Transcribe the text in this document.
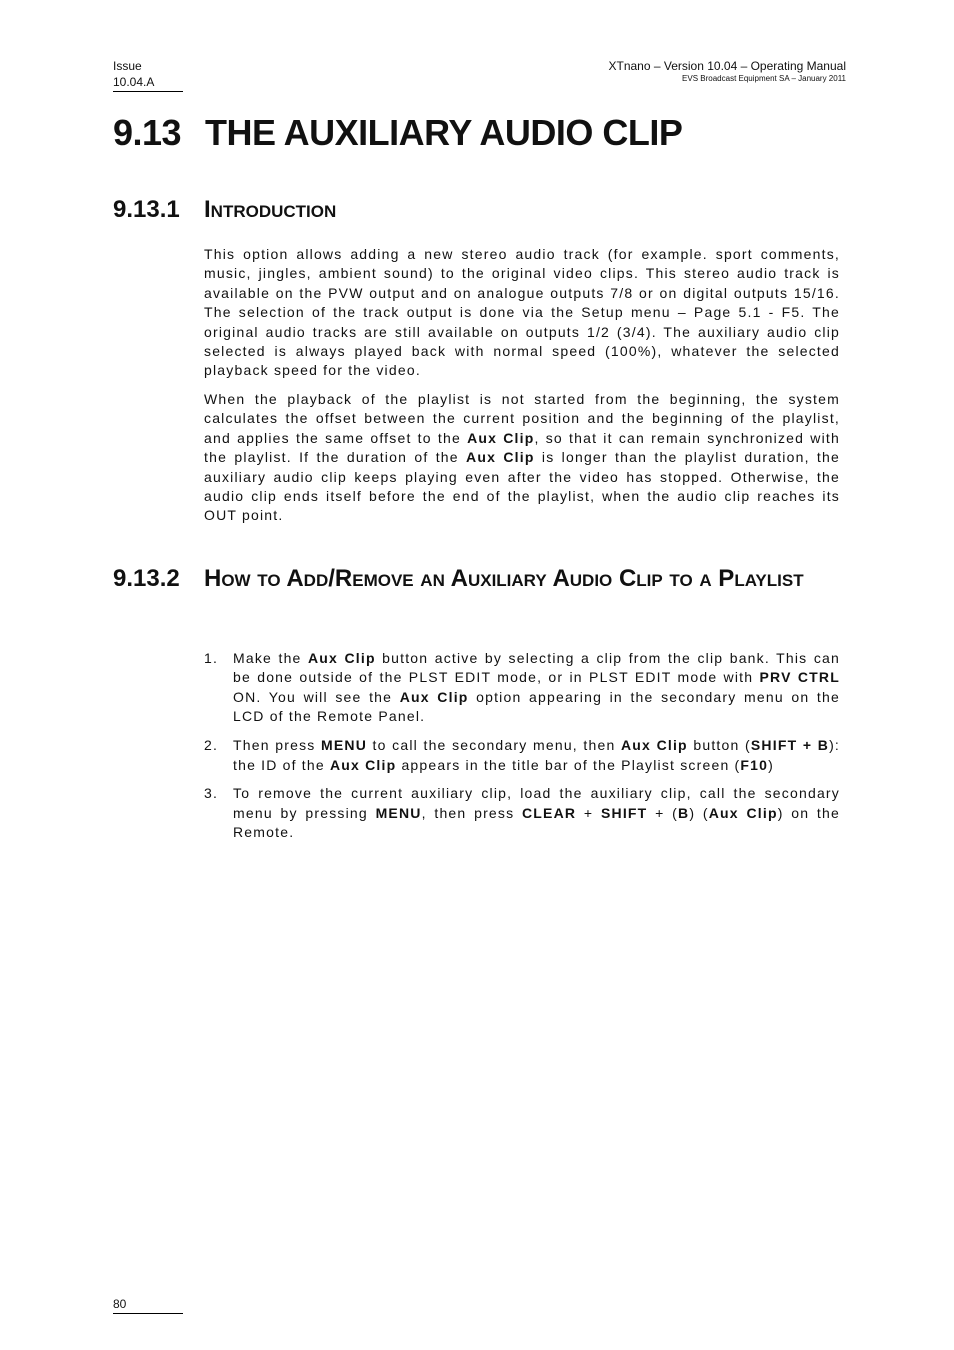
Issue
10.04.A
XTnano – Version 10.04 – Operating Manual
EVS Broadcast Equipment SA – January 2011
9.13 THE AUXILIARY AUDIO CLIP
9.13.1	Introduction

This option allows adding a new stereo audio track (for example. sport comments, music, jingles, ambient sound) to the original video clips. This stereo audio track is available on the PVW output and on analogue outputs 7/8 or on digital outputs 15/16. The selection of the track output is done via the Setup menu – Page 5.1 - F5. The original audio tracks are still available on outputs 1/2 (3/4). The auxiliary audio clip selected is always played back with normal speed (100%), whatever the selected playback speed for the video.

When the playback of the playlist is not started from the beginning, the system calculates the offset between the current position and the beginning of the playlist, and applies the same offset to the Aux Clip, so that it can remain synchronized with the playlist. If the duration of the Aux Clip is longer than the playlist duration, the auxiliary audio clip keeps playing even after the video has stopped. Otherwise, the audio clip ends itself before the end of the playlist, when the audio clip reaches its OUT point.

9.13.2	How to Add/Remove an Auxiliary Audio Clip to a Playlist
1. Make the Aux Clip button active by selecting a clip from the clip bank. This can be done outside of the PLST EDIT mode, or in PLST EDIT mode with PRV CTRL ON. You will see the Aux Clip option appearing in the secondary menu on the LCD of the Remote Panel.
2. Then press MENU to call the secondary menu, then Aux Clip button (SHIFT + B): the ID of the Aux Clip appears in the title bar of the Playlist screen (F10)
3. To remove the current auxiliary clip, load the auxiliary clip, call the secondary menu by pressing MENU, then press CLEAR + SHIFT + (B) (Aux Clip) on the Remote.
80
